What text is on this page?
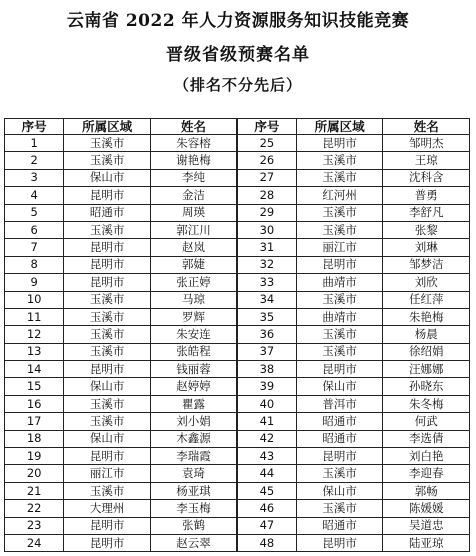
云南省 2022 年人力资源服务知识技能竞赛
晋级省级预赛名单
（排名不分先后）
序号	所属区域	姓名	序号	所属区域	姓名
1	玉溪市	朱容榕	25	昆明市	邹明杰
2	玉溪市	谢艳梅	26	玉溪市	王琼
3	保山市	李纯	27	玉溪市	沈科含
4	昆明市	金洁	28	红河州	普勇
5	昭通市	周瑛	29	玉溪市	李舒凡
6	玉溪市	郭江川	30	玉溪市	张黎
7	昆明市	赵岚	31	丽江市	刘琳
8	昆明市	郭婕	32	昆明市	邹梦洁
9	昆明市	张正婷	33	曲靖市	刘欣
10	玉溪市	马琼	34	玉溪市	任红萍
11	玉溪市	罗辉	35	曲靖市	朱艳梅
12	玉溪市	朱安连	36	玉溪市	杨晨
13	玉溪市	张皓程	37	玉溪市	徐绍娟
14	昆明市	钱丽蓉	38	昆明市	汪娜娜
15	保山市	赵婷婷	39	保山市	孙晓东
16	玉溪市	瞿露	40	普洱市	朱冬梅
17	玉溪市	刘小娟	41	昭通市	何武
18	保山市	木鑫源	42	昭通市	李选倩
19	昆明市	李瑞霞	43	昆明市	刘白艳
20	丽江市	袁琦	44	玉溪市	李迎春
21	玉溪市	杨亚琪	45	保山市	郭畅
22	大理州	李玉梅	46	玉溪市	陈媛媛
23	昆明市	张鹤	47	昭通市	吴道忠
24	昆明市	赵云翠	48	昆明市	陆亚琼
